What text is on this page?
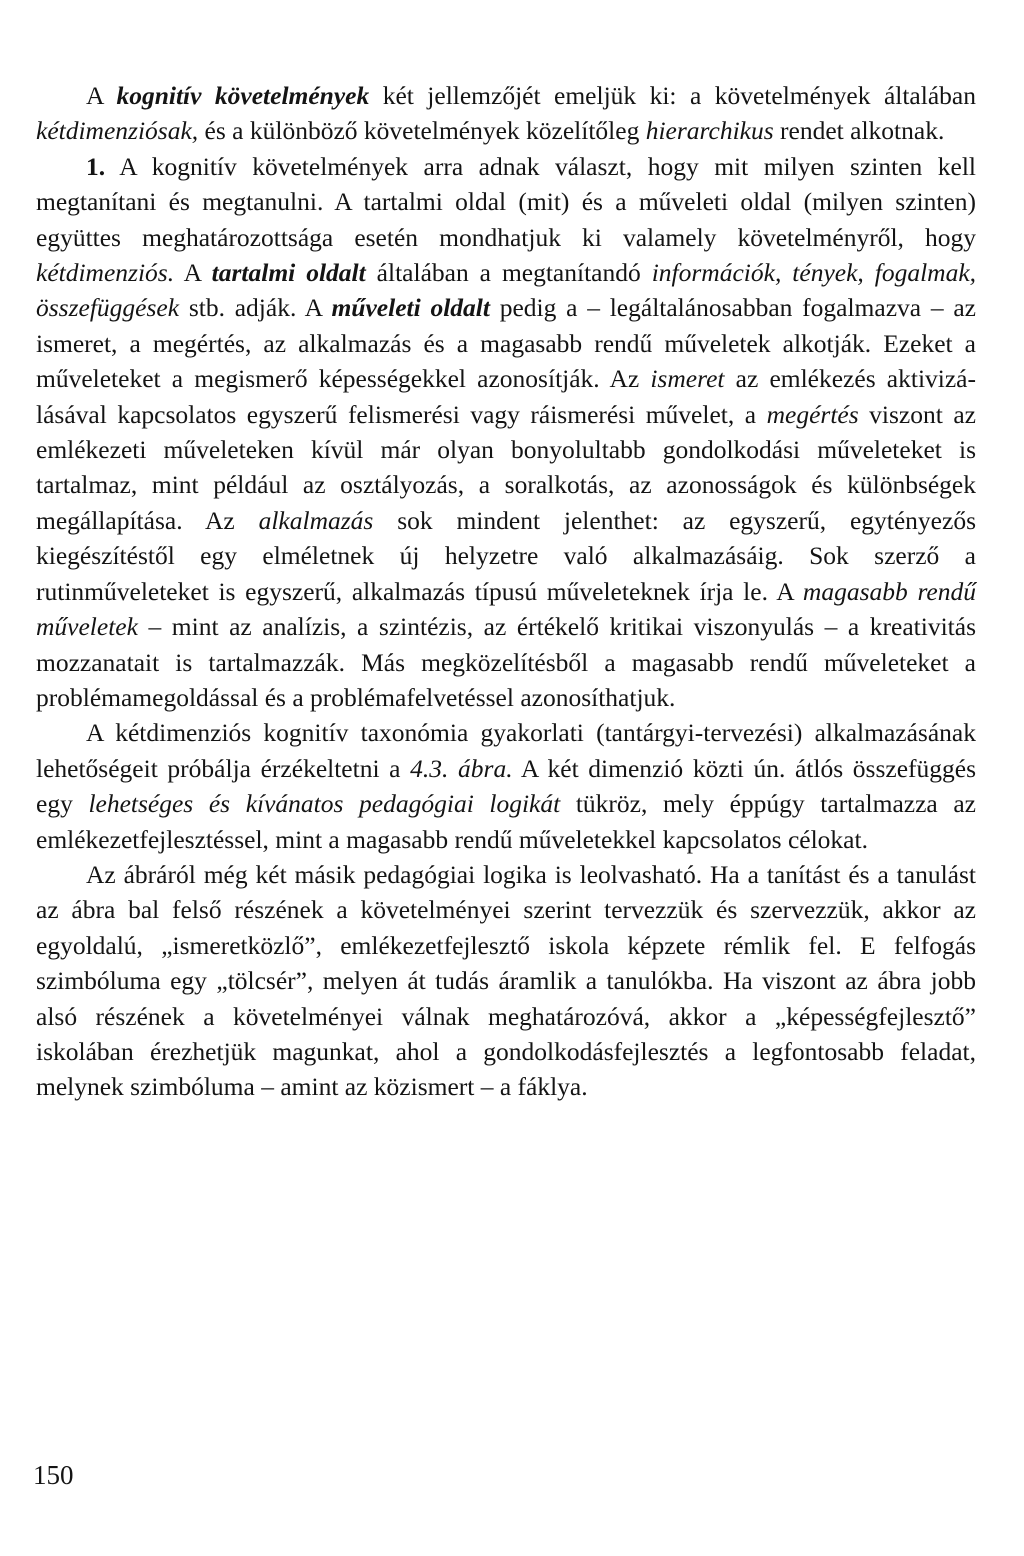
A kognitív követelmények két jellemzőjét emeljük ki: a követelmények általában kétdimenziósak, és a különböző követelmények közelítőleg hierarchikus rendet alkotnak.

1. A kognitív követelmények arra adnak választ, hogy mit milyen szinten kell megtanítani és megtanulni. A tartalmi oldal (mit) és a műveleti oldal (milyen szinten) együttes meghatározottsága esetén mondhatjuk ki valamely követelményről, hogy kétdimenziós. A tartalmi oldalt általában a megtanítandó információk, tények, fogalmak, összefüggések stb. adják. A műveleti oldalt pedig a – legáltalánosabban fogalmazva – az ismeret, a megértés, az alkalmazás és a magasabb rendű műveletek alkotják. Ezeket a műveleteket a megismerő képességekkel azonosítják. Az ismeret az emlékezés aktivizálásával kapcsolatos egyszerű felismerési vagy ráismerési művelet, a megértés viszont az emlékezeti műveleteken kívül már olyan bonyolultabb gondolkodási műveleteket is tartalmaz, mint például az osztályozás, a soralkotás, az azonosságok és különbségek megállapítása. Az alkalmazás sok mindent jelenthet: az egyszerű, egytényezős kiegészítéstől egy elméletnek új helyzetre való alkalmazásáig. Sok szerző a rutinműveleteket is egyszerű, alkalmazás típusú műveleteknek írja le. A magasabb rendű műveletek – mint az analízis, a szintézis, az értékelő kritikai viszonyulás – a kreativitás mozzanatait is tartalmazzák. Más megközelítésből a magasabb rendű műveleteket a problémamegoldással és a problémafelvetéssel azonosíthatjuk.

A kétdimenziós kognitív taxonómia gyakorlati (tantárgyi-tervezési) alkalmazásának lehetőségeit próbálja érzékeltetni a 4.3. ábra. A két dimenzió közti ún. átlós összefüggés egy lehetséges és kívánatos pedagógiai logikát tükröz, mely éppúgy tartalmazza az emlékezetfejlesztéssel, mint a magasabb rendű műveletekkel kapcsolatos célokat.

Az ábráról még két másik pedagógiai logika is leolvasható. Ha a tanítást és a tanulást az ábra bal felső részének a követelményei szerint tervezzük és szervezzük, akkor az egyoldalú, „ismeretközlő”, emlékezetfejlesztő iskola képzete rémlik fel. E felfogás szimbóluma egy „tölcsér”, melyen át tudás áramlik a tanulókba. Ha viszont az ábra jobb alsó részének a követelményei válnak meghatározóvá, akkor a „képességfejlesztő” iskolában érezhetjük magunkat, ahol a gondolkodásfejlesztés a legfontosabb feladat, melynek szimbóluma – amint az közismert – a fáklya.

150
